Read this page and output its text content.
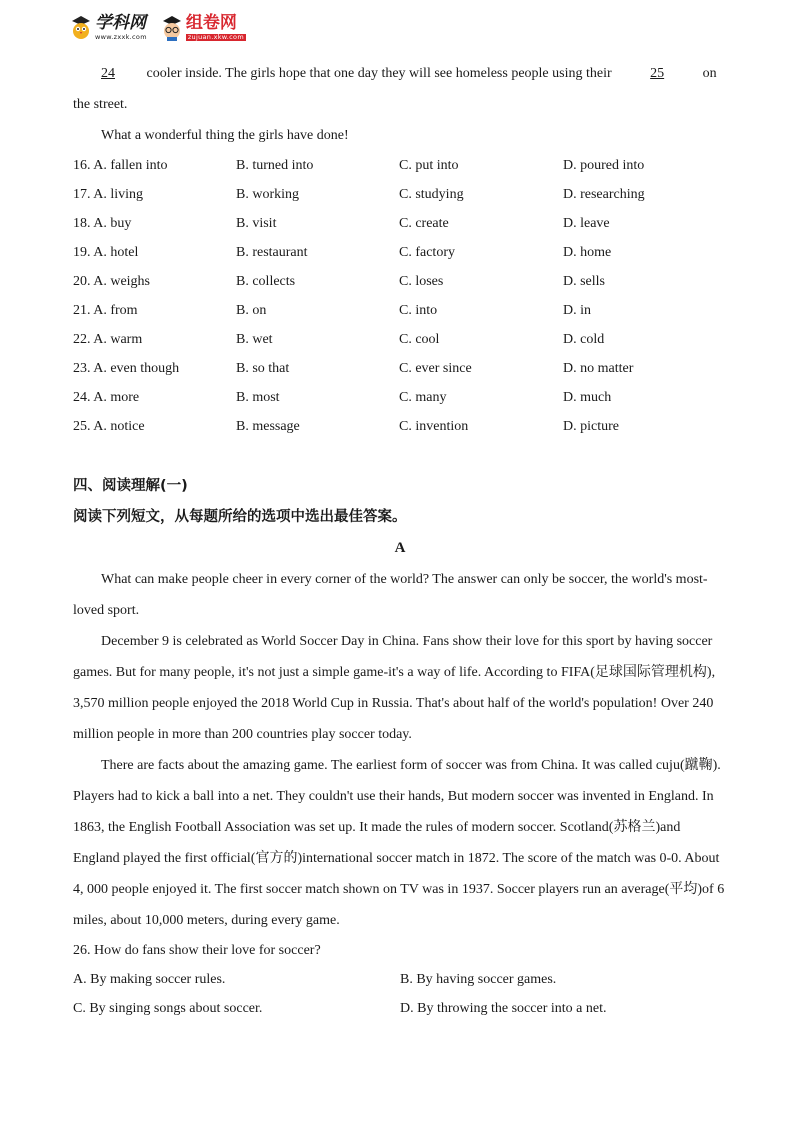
学科网
www.zxxk.com
组卷网
zujuan.xkw.com
24 cooler inside. The girls hope that one day they will see homeless people using their	25	on
the street.
What a wonderful thing the girls have done!
16. A. fallen into	B. turned into	C. put into	D. poured into
17. A. living	B. working	C. studying	D. researching
18. A. buy	B. visit	C. create	D. leave
19. A. hotel	B. restaurant	C. factory	D. home
20. A. weighs	B. collects	C. loses	D. sells
21. A. from	B. on	C. into	D. in
22. A. warm	B. wet	C. cool	D. cold
23. A. even though	B. so that	C. ever since	D. no matter
24. A. more	B. most	C. many	D. much
25. A. notice	B. message	C. invention	D. picture
四、阅读理解(一)
阅读下列短文，从每题所给的选项中选出最佳答案。
A
What can make people cheer in every corner of the world? The answer can only be soccer, the world's most-loved sport.
December 9 is celebrated as World Soccer Day in China. Fans show their love for this sport by having soccer games. But for many people, it's not just a simple game-it's a way of life. According to FIFA(足球国际管理机构), 3,570 million people enjoyed the 2018 World Cup in Russia. That's about half of the world's population! Over 240 million people in more than 200 countries play soccer today.
There are facts about the amazing game. The earliest form of soccer was from China. It was called cuju(蹴鞠). Players had to kick a ball into a net. They couldn't use their hands, But modern soccer was invented in England. In 1863, the English Football Association was set up. It made the rules of modern soccer. Scotland(苏格兰)and England played the first official(官方的)international soccer match in 1872. The score of the match was 0-0. About 4, 000 people enjoyed it. The first soccer match shown on TV was in 1937. Soccer players run an average(平均)of 6 miles, about 10,000 meters, during every game.
26. How do fans show their love for soccer?
A. By making soccer rules.	B. By having soccer games.
C. By singing songs about soccer.	D. By throwing the soccer into a net.
